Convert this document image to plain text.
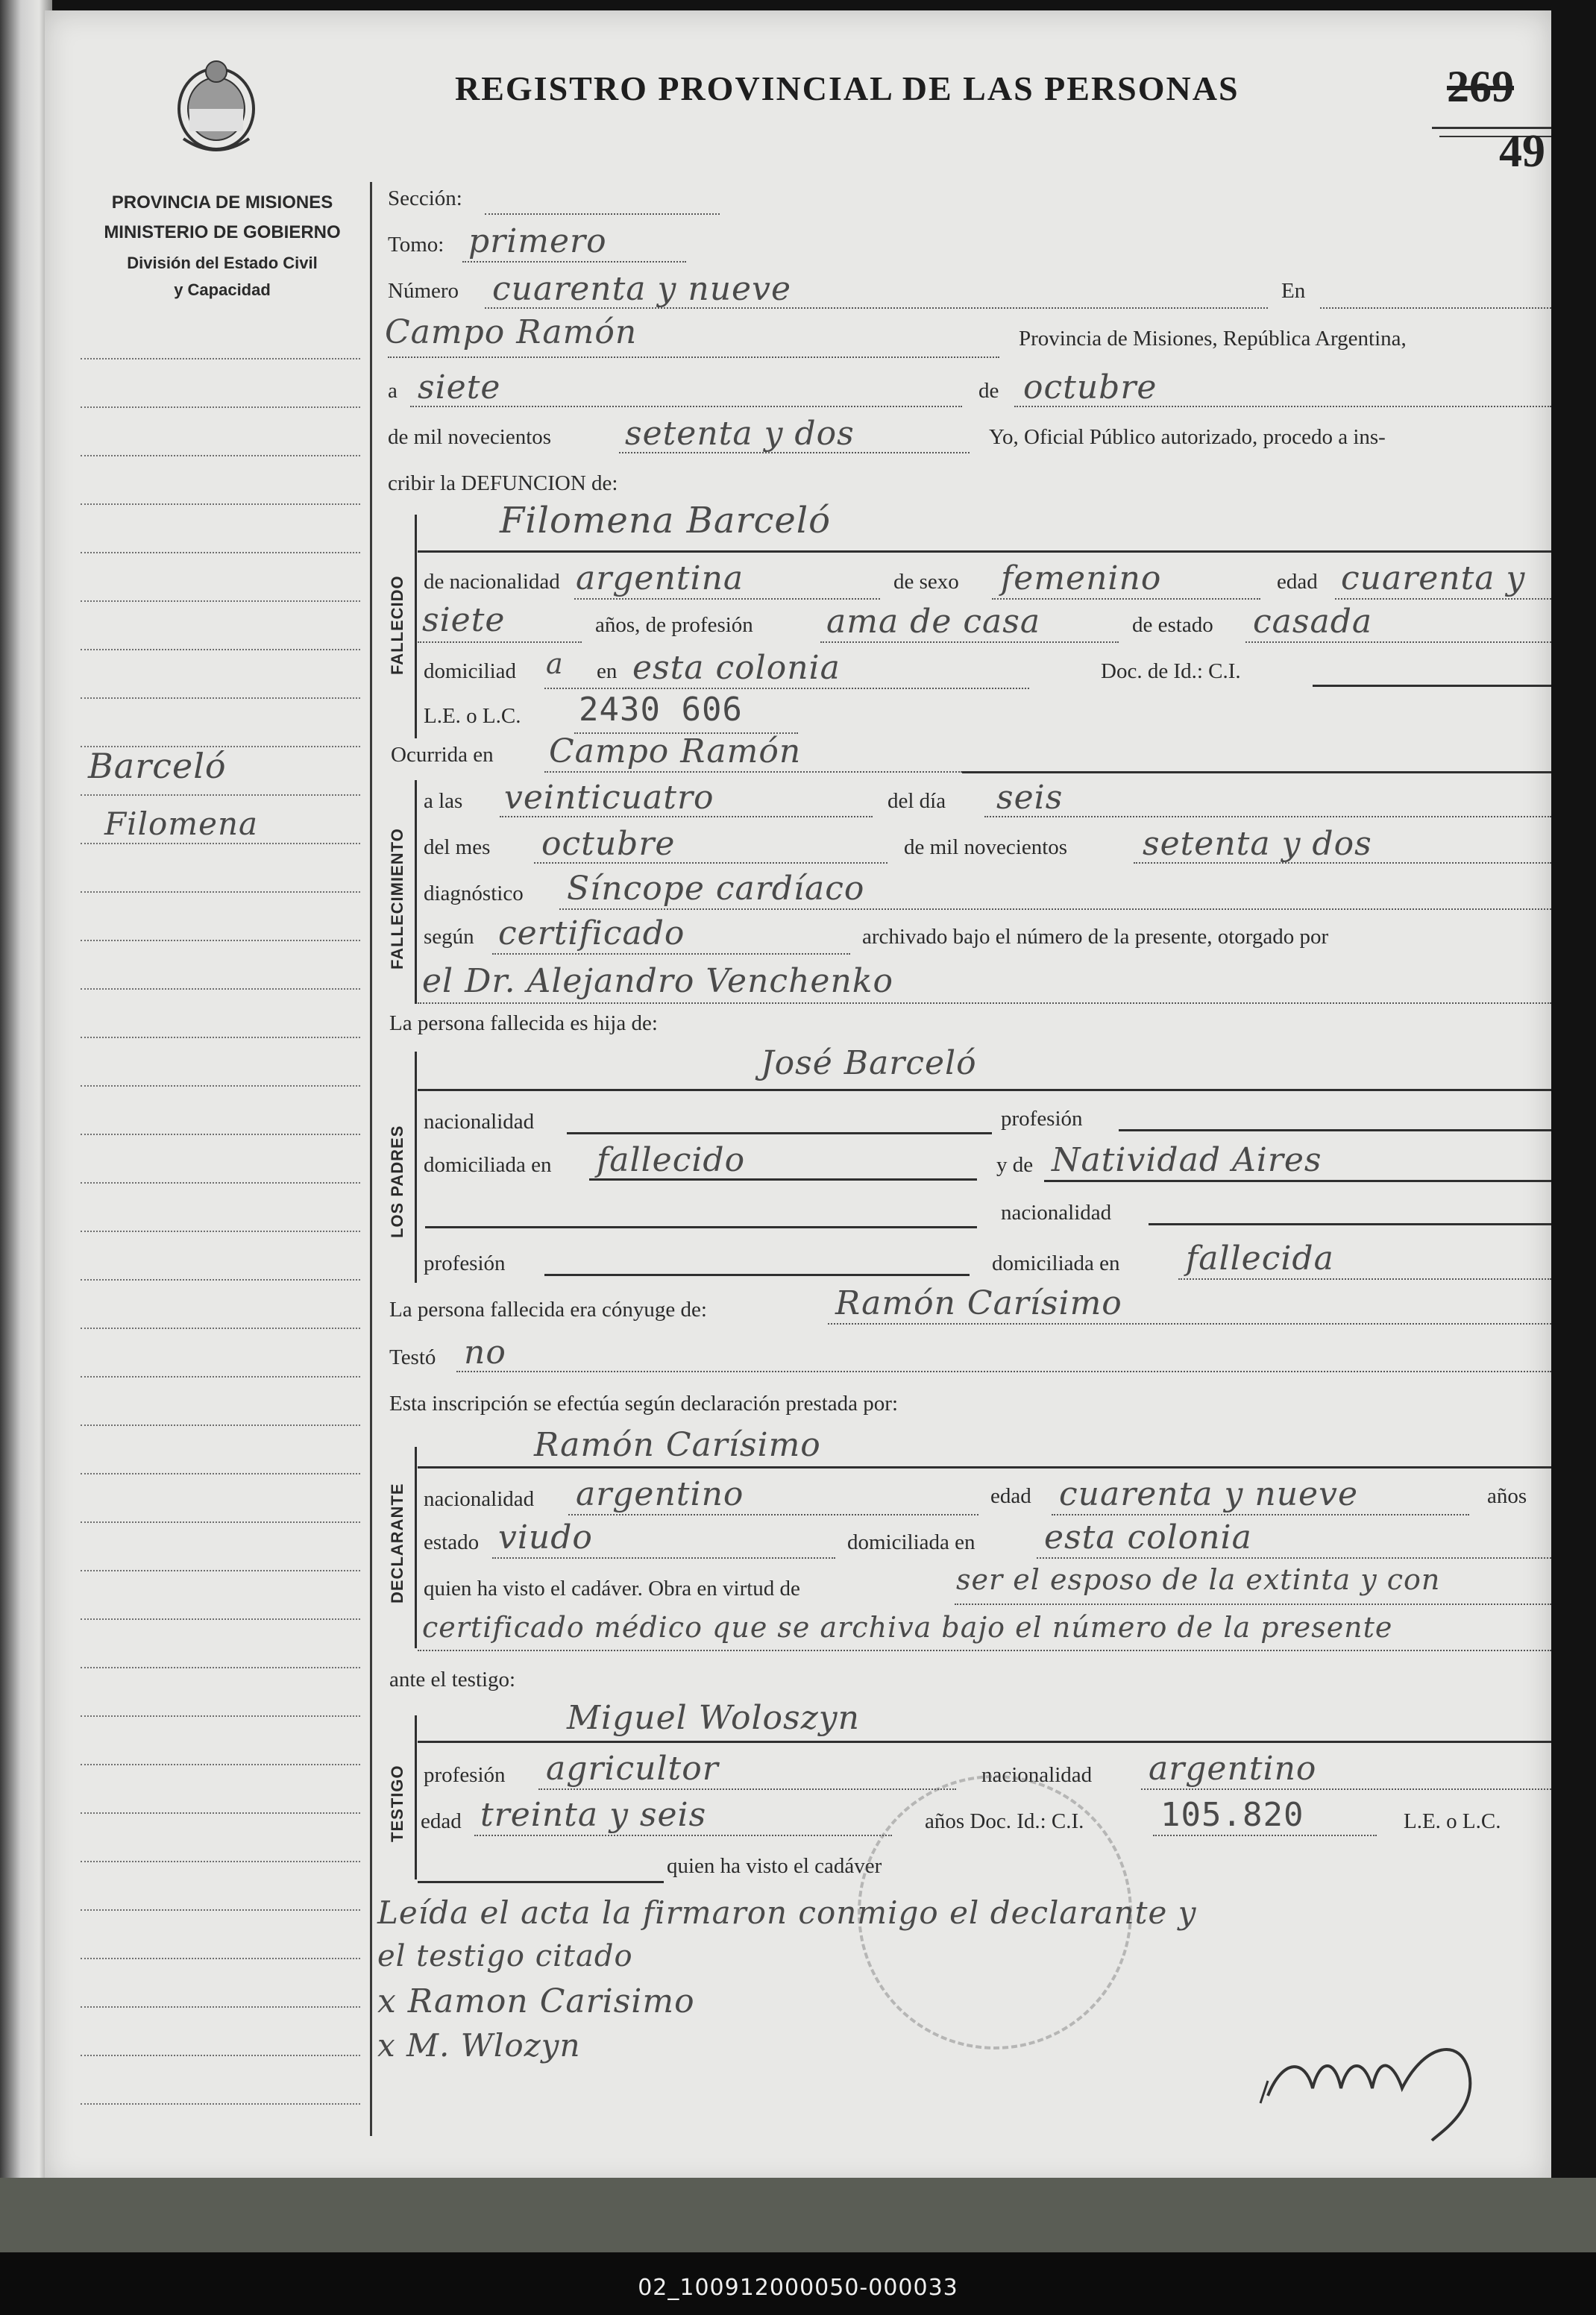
02_100912000050-000033
PROVINCIA DE MISIONES
MINISTERIO DE GOBIERNO
División del Estado Civil
y Capacidad
REGISTRO PROVINCIAL DE LAS PERSONAS	269
49
Barceló
Filomena
Sección:
Tomo: primero
Número cuarenta y nueve	En
Campo Ramón	Provincia de Misiones, República Argentina,
a siete	de octubre
de mil novecientos setenta y dos	Yo, Oficial Público autorizado, procedo a ins-
cribir la DEFUNCION de:
FALLECIDO
Filomena Barceló
de nacionalidad argentina	de sexo femenino	edad cuarenta y
siete	años, de profesión ama de casa	de estado casada
domiciliad a en esta colonia	Doc. de Id.: C.I.
L.E. o L.C. 2430 606
Ocurrida en Campo Ramón
FALLECIMIENTO
a las veinticuatro	del día seis
del mes octubre	de mil novecientos setenta y dos
diagnóstico Síncope cardíaco
según certificado	archivado bajo el número de la presente, otorgado por
el Dr. Alejandro Venchenko
La persona fallecida es hija de:
LOS PADRES
José Barceló
nacionalidad	profesión
domiciliada en fallecido	y de Natividad Aires
nacionalidad
profesión	domiciliada en fallecida
La persona fallecida era cónyuge de:	Ramón Carísimo
Testó no
Esta inscripción se efectúa según declaración prestada por:
DECLARANTE
Ramón Carísimo
nacionalidad argentino	edad cuarenta y nueve	años
estado viudo	domiciliada en esta colonia
quien ha visto el cadáver. Obra en virtud de	ser el esposo de la extinta y con
certificado médico que se archiva bajo el número de la presente
ante el testigo:
TESTIGO
Miguel Woloszyn
profesión agricultor	nacionalidad argentino
edad treinta y seis	años Doc. Id.: C.I. 105.820	L.E. o L.C.
quien ha visto el cadáver
Leída el acta la firmaron conmigo el declarante y
el testigo citado
x Ramon Carisimo
x M. Wlozyn
